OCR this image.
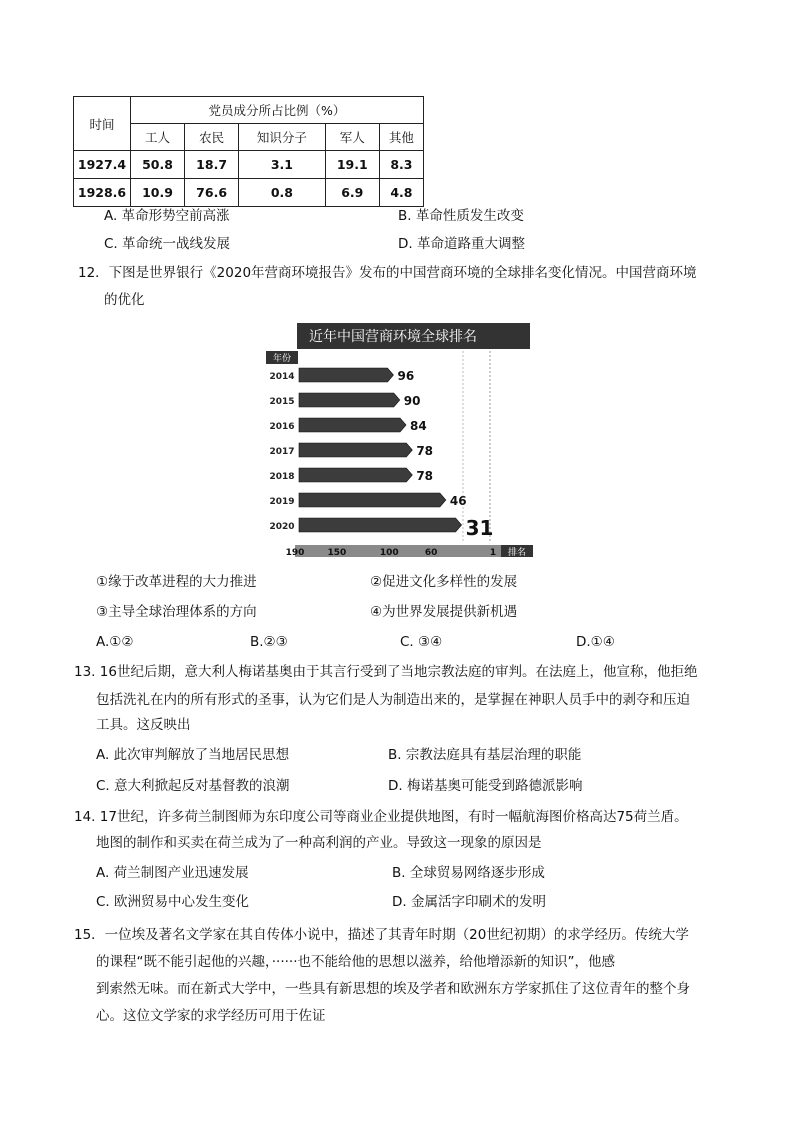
时间	党员成分所占比例（%）				
	工人	农民	知识分子	军人	其他
1927.4	50.8	18.7	3.1	19.1	8.3
1928.6	10.9	76.6	0.8	6.9	4.8
A. 革命形势空前高涨	B. 革命性质发生改变
C. 革命统一战线发展	D. 革命道路重大调整
12．下图是世界银行《2020年营商环境报告》发布的中国营商环境的全球排名变化情况。中国营商环境
的优化
近年中国营商环境全球排名
年份
2014	96
2015	90
2016	84
2017	78
2018	78
2019	46
2020	31
排名
190	150	100	60	1
①缘于改革进程的大力推进	②促进文化多样性的发展
③主导全球治理体系的方向	④为世界发展提供新机遇
A.①②	B.②③	C. ③④	D.①④
13. 16世纪后期，意大利人梅诺基奥由于其言行受到了当地宗教法庭的审判。在法庭上，他宣称，他拒绝
包括洗礼在内的所有形式的圣事，认为它们是人为制造出来的，是掌握在神职人员手中的剥夺和压迫
工具。这反映出
A. 此次审判解放了当地居民思想	B. 宗教法庭具有基层治理的职能
C. 意大利掀起反对基督教的浪潮	D. 梅诺基奥可能受到路德派影响
14. 17世纪，许多荷兰制图师为东印度公司等商业企业提供地图，有时一幅航海图价格高达75荷兰盾。
地图的制作和买卖在荷兰成为了一种高利润的产业。导致这一现象的原因是
A. 荷兰制图产业迅速发展	B. 全球贸易网络逐步形成
C. 欧洲贸易中心发生变化	D. 金属活字印刷术的发明
15．一位埃及著名文学家在其自传体小说中，描述了其青年时期（20世纪初期）的求学经历。传统大学
的课程“既不能引起他的兴趣，······也不能给他的思想以滋养，给他增添新的知识”，他感
到索然无味。而在新式大学中，一些具有新思想的埃及学者和欧洲东方学家抓住了这位青年的整个身
心。这位文学家的求学经历可用于佐证
